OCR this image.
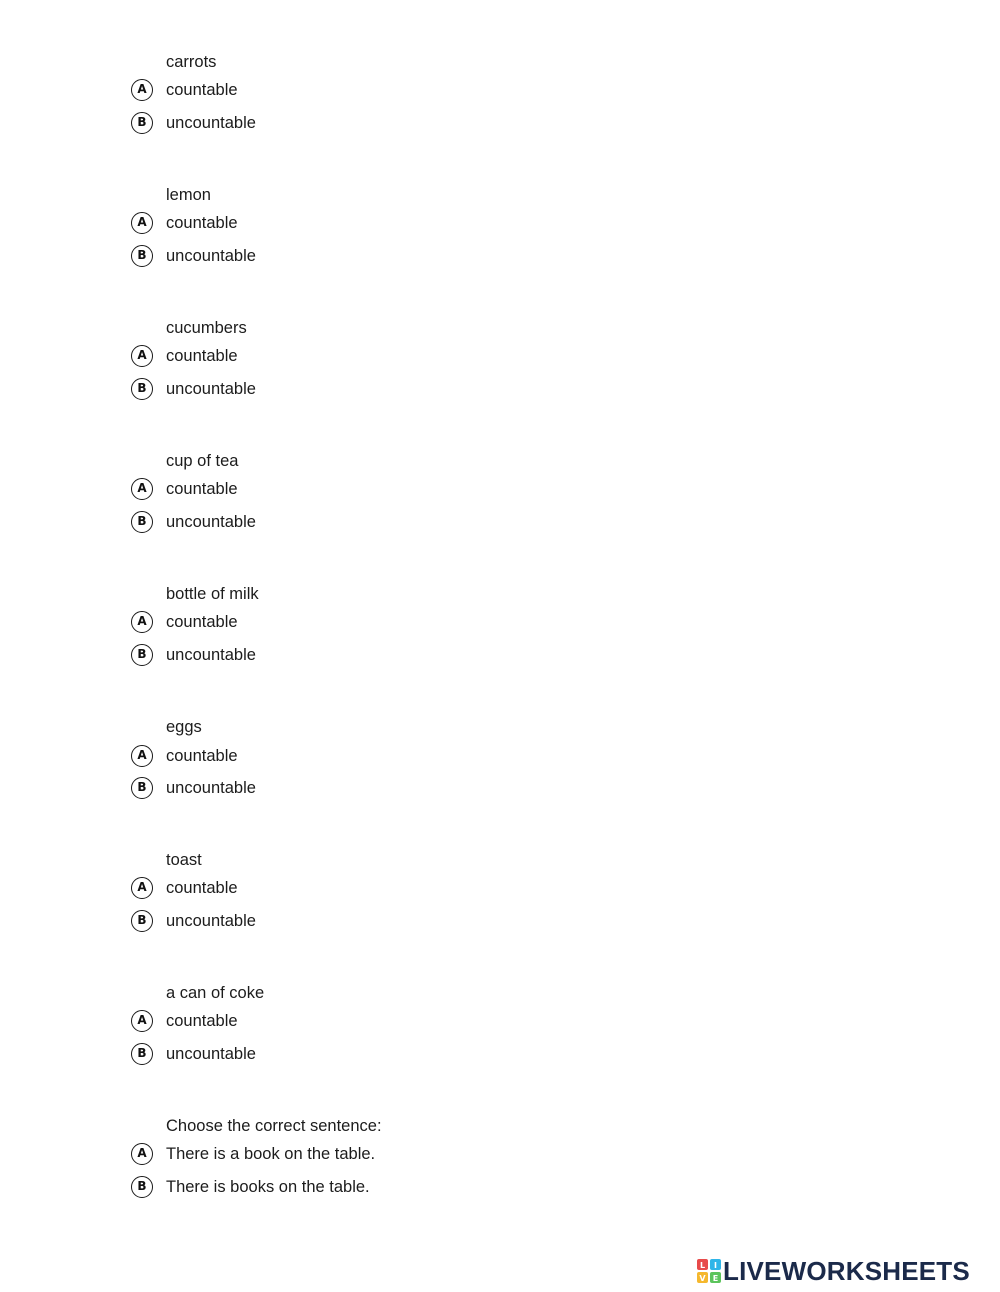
carrots
A	countable
B	uncountable
lemon
A	countable
B	uncountable
cucumbers
A	countable
B	uncountable
cup of tea
A	countable
B	uncountable
bottle of milk
A	countable
B	uncountable
eggs
A	countable
B	uncountable
toast
A	countable
B	uncountable
a can of coke
A	countable
B	uncountable
Choose the correct sentence:
A	There is a book on the table.
B	There is books on the table.
L I
V E LIVEWORKSHEETS
